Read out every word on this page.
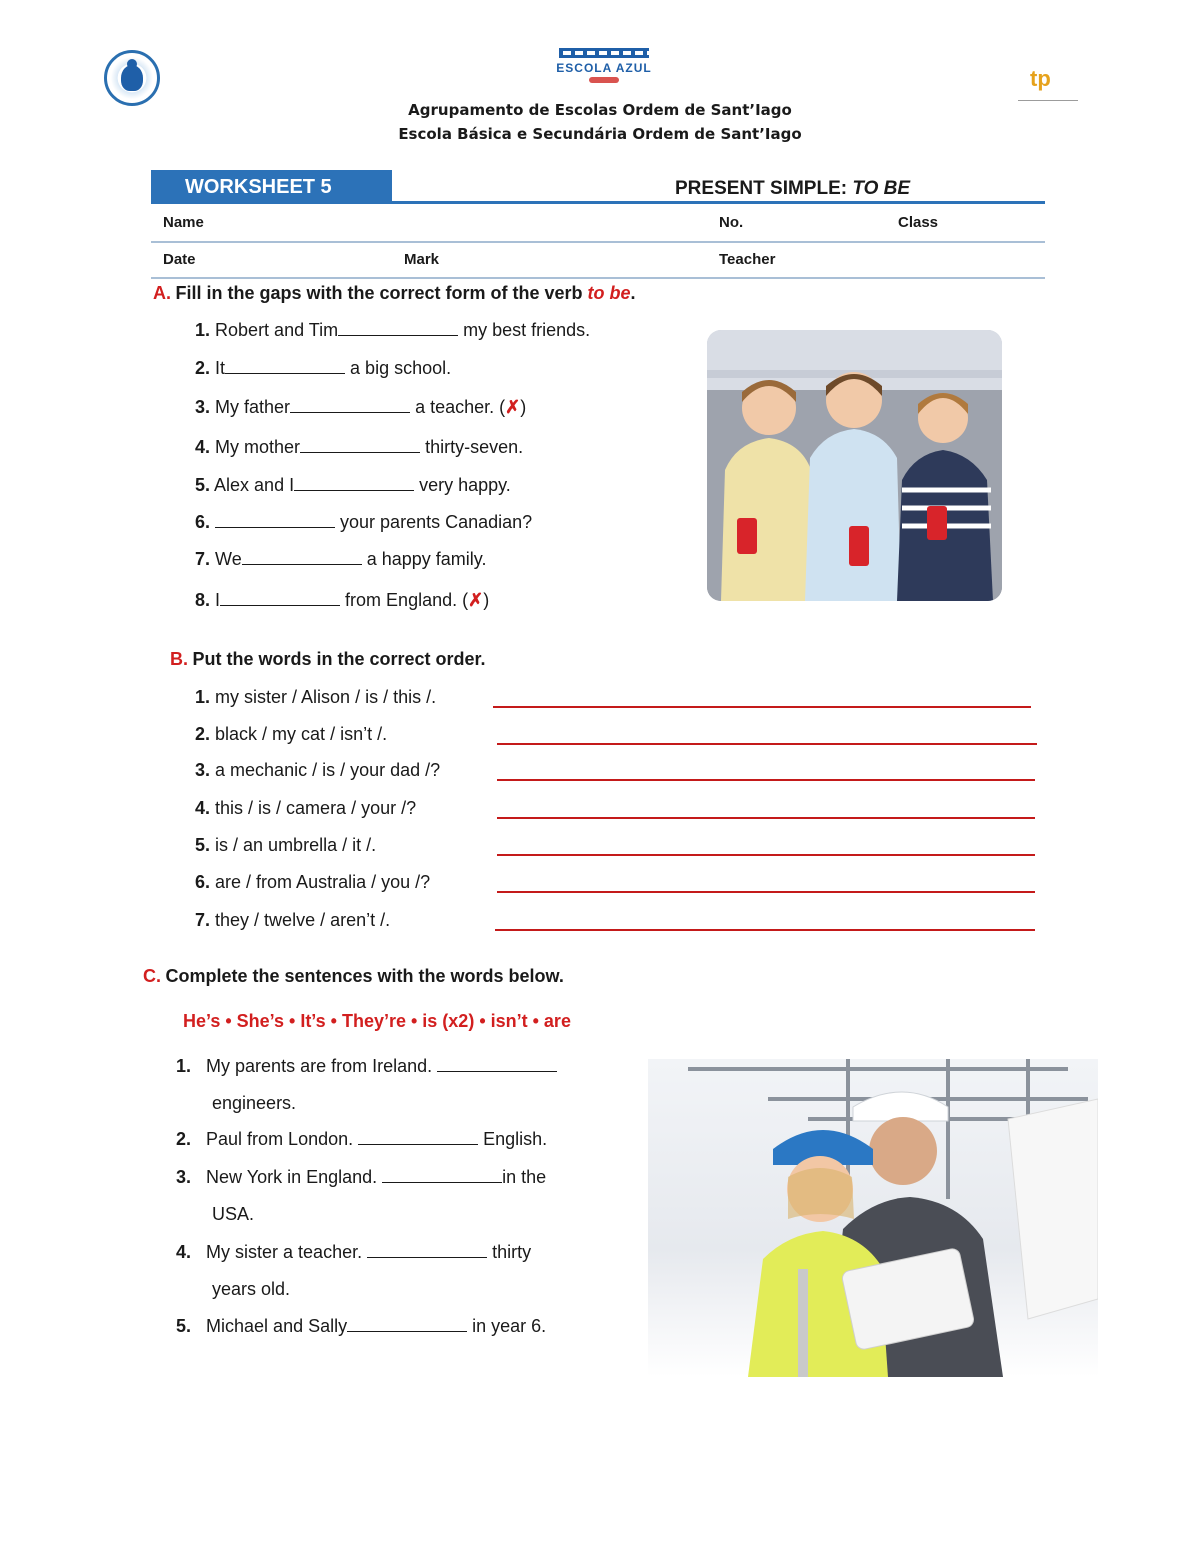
ESCOLA AZUL	tp
Agrupamento de Escolas Ordem de Sant’Iago
Escola Básica e Secundária Ordem de Sant’Iago
WORKSHEET 5	PRESENT SIMPLE: TO BE
Name	No.	Class
Date	Mark	Teacher
A. Fill in the gaps with the correct form of the verb to be.
1. Robert and Tim	my best friends.
2. It	a big school.
3. My father	a teacher. (✗)
4. My mother	thirty-seven.
5. Alex and I	very happy.
6.	your parents Canadian?
7. We	a happy family.
8. I	from England. (✗)
B. Put the words in the correct order.
1. my sister / Alison / is / this /.
2. black / my cat / isn’t /.
3. a mechanic / is / your dad /?
4. this / is / camera / your /?
5. is / an umbrella / it /.
6. are / from Australia / you /?
7. they / twelve / aren’t /.
C. Complete the sentences with the words below.
He’s • She’s • It’s • They’re • is (x2) • isn’t • are
1. My parents are from Ireland.
engineers.
2. Paul from London.	English.
3. New York in England.	in the
USA.
4. My sister a teacher.	thirty
years old.
5. Michael and Sally	in year 6.
